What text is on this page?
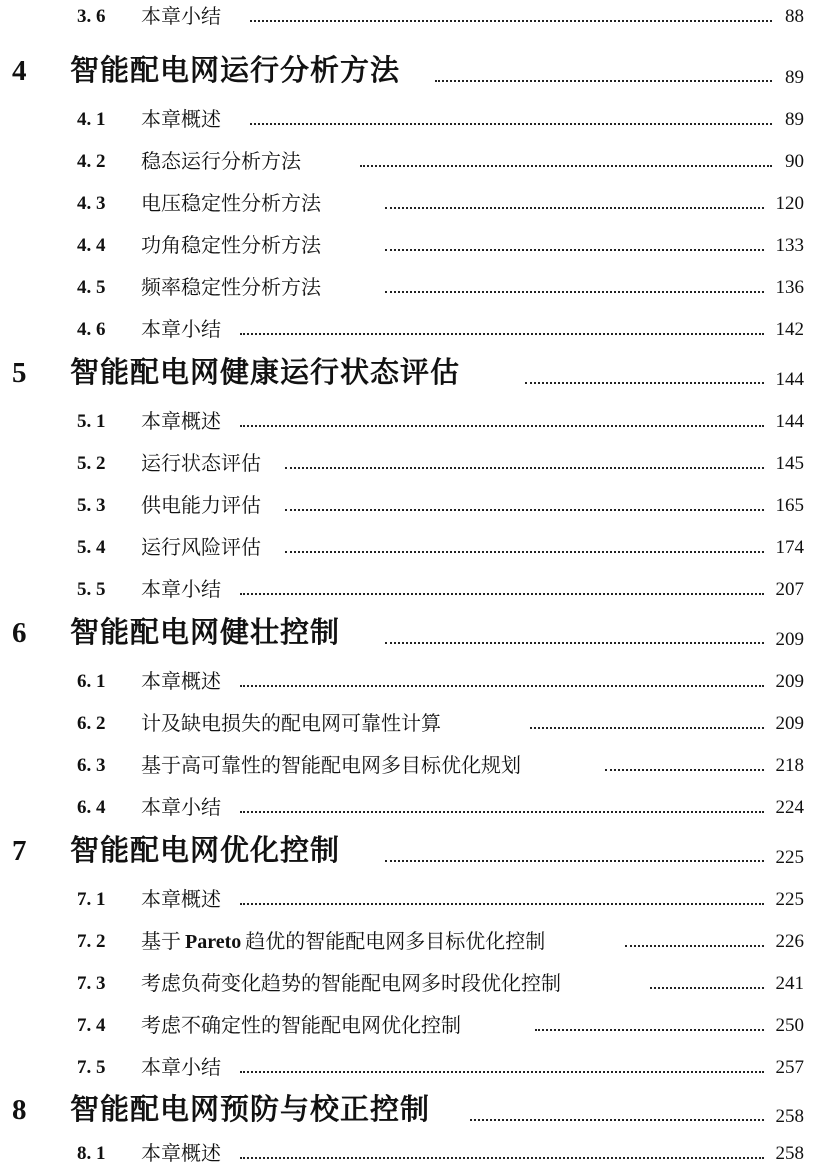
3. 6 本章小结	88
4 智能配电网运行分析方法	89
4. 1 本章概述	89
4. 2 稳态运行分析方法	90
4. 3 电压稳定性分析方法	120
4. 4 功角稳定性分析方法	133
4. 5 频率稳定性分析方法	136
4. 6 本章小结	142
5 智能配电网健康运行状态评估	144
5. 1 本章概述	144
5. 2 运行状态评估	145
5. 3 供电能力评估	165
5. 4 运行风险评估	174
5. 5 本章小结	207
6 智能配电网健壮控制	209
6. 1 本章概述	209
6. 2 计及缺电损失的配电网可靠性计算	209
6. 3 基于高可靠性的智能配电网多目标优化规划	218
6. 4 本章小结	224
7 智能配电网优化控制	225
7. 1 本章概述	225
7. 2 基于 Pareto 趋优的智能配电网多目标优化控制	226
7. 3 考虑负荷变化趋势的智能配电网多时段优化控制	241
7. 4 考虑不确定性的智能配电网优化控制	250
7. 5 本章小结	257
8 智能配电网预防与校正控制	258
8. 1 本章概述	258
